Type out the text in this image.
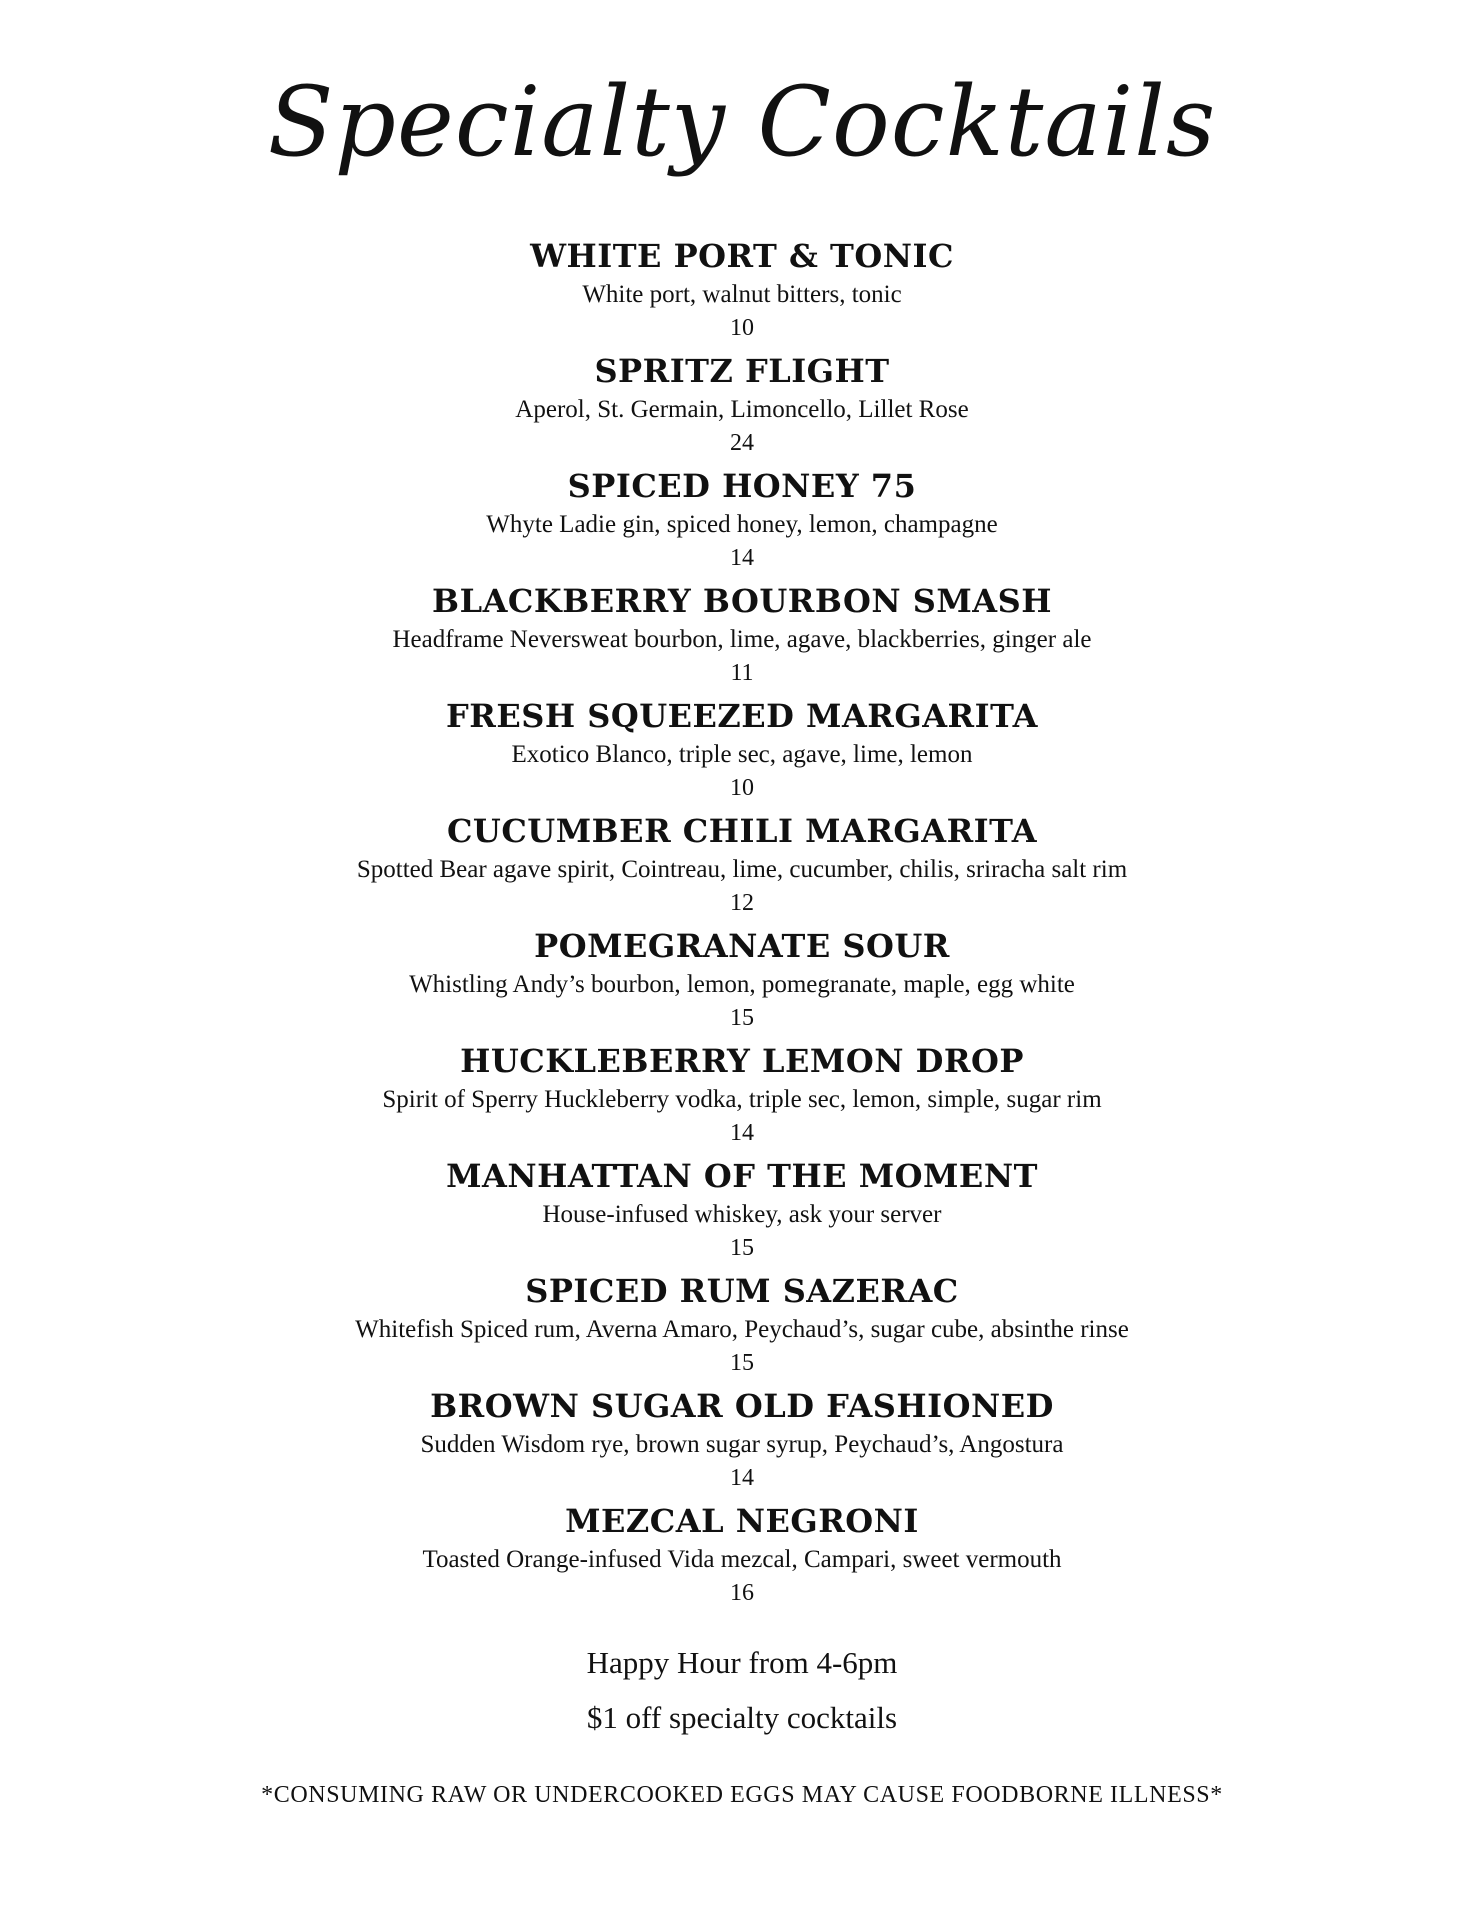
Specialty Cocktails
WHITE PORT & TONIC
White port, walnut bitters, tonic
10
SPRITZ FLIGHT
Aperol, St. Germain, Limoncello, Lillet Rose
24
SPICED HONEY 75
Whyte Ladie gin, spiced honey, lemon, champagne
14
BLACKBERRY BOURBON SMASH
Headframe Neversweat bourbon, lime, agave, blackberries, ginger ale
11
FRESH SQUEEZED MARGARITA
Exotico Blanco, triple sec, agave, lime, lemon
10
CUCUMBER CHILI MARGARITA
Spotted Bear agave spirit, Cointreau, lime, cucumber, chilis, sriracha salt rim
12
POMEGRANATE SOUR
Whistling Andy’s bourbon, lemon, pomegranate, maple, egg white
15
HUCKLEBERRY LEMON DROP
Spirit of Sperry Huckleberry vodka, triple sec, lemon, simple, sugar rim
14
MANHATTAN OF THE MOMENT
House-infused whiskey, ask your server
15
SPICED RUM SAZERAC
Whitefish Spiced rum, Averna Amaro, Peychaud’s, sugar cube, absinthe rinse
15
BROWN SUGAR OLD FASHIONED
Sudden Wisdom rye, brown sugar syrup, Peychaud’s, Angostura
14
MEZCAL NEGRONI
Toasted Orange-infused Vida mezcal, Campari, sweet vermouth
16
Happy Hour from 4-6pm
$1 off specialty cocktails
*CONSUMING RAW OR UNDERCOOKED EGGS MAY CAUSE FOODBORNE ILLNESS*
